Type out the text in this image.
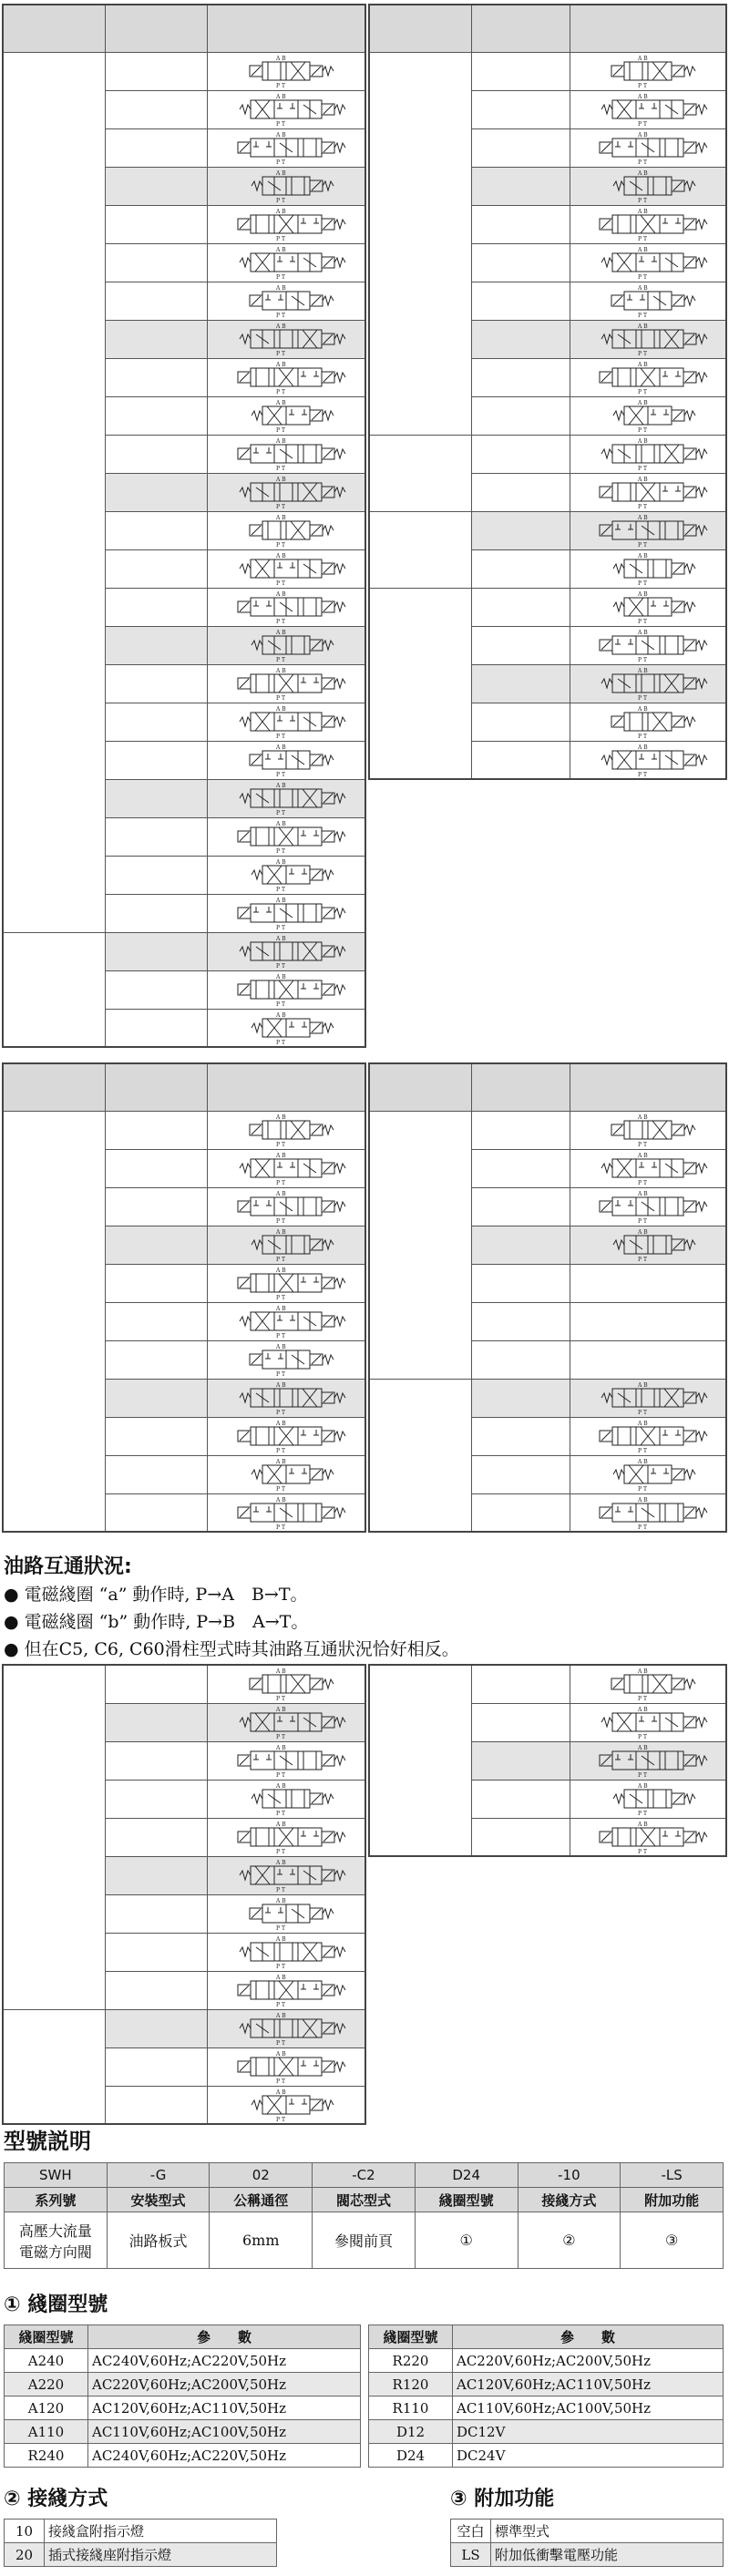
A B
P T

A B
P T

A B
P T

A B
P T

A B
P T

A B
P T

A B
P T

A B
P T

A B
P T

A B
P T

A B
P T

A B
P T

A B
P T

A B
P T

A B
P T

A B
P T

A B
P T

A B
P T

A B
P T

A B
P T

A B
P T

A B
P T

A B
P T

A B
P T

A B
P T

A B
P T

A B
P T

A B
P T

A B
P T

A B
P T

A B
P T

A B
P T

A B
P T

A B
P T

A B
P T

A B
P T

A B
P T

A B
P T

A B
P T

A B
P T

A B
P T

A B
P T

A B
P T

A B
P T

A B
P T

A B
P T

A B
P T

A B
P T

A B
P T

A B
P T

A B
P T

A B
P T

A B
P T

A B
P T

A B
P T

A B
P T

A B
P T

A B
P T

A B
P T

A B
P T

A B
P T

A B
P T

A B
P T

A B
P T
油路互通狀況:
● 電磁綫圈 “a” 動作時, P→A　B→T。
● 電磁綫圈 “b” 動作時, P→B　A→T。
● 但在C5, C6, C60滑柱型式時其油路互通狀況恰好相反。

A B
P T

A B
P T

A B
P T

A B
P T

A B
P T

A B
P T

A B
P T

A B
P T

A B
P T

A B
P T

A B
P T

A B
P T

A B
P T

A B
P T

A B
P T

A B
P T

A B
P T
型號説明
SWH	-G	02	-C2	D24	-10	-LS
系列號	安裝型式	公稱通徑	閥芯型式	綫圈型號	接綫方式	附加功能
高壓大流量
電磁方向閥	油路板式	6mm	參閱前頁	①	②	③
① 綫圈型號
綫圈型號	參　　數
A240	AC240V,60Hz;AC220V,50Hz
A220	AC220V,60Hz;AC200V,50Hz
A120	AC120V,60Hz;AC110V,50Hz
A110	AC110V,60Hz;AC100V,50Hz
R240	AC240V,60Hz;AC220V,50Hz
綫圈型號	參　　數
R220	AC220V,60Hz;AC200V,50Hz
R120	AC120V,60Hz;AC110V,50Hz
R110	AC110V,60Hz;AC100V,50Hz
D12	DC12V
D24	DC24V
② 接綫方式
10	接綫盒附指示燈
20	插式接綫座附指示燈
③ 附加功能
空白	標準型式
LS	附加低衝擊電壓功能
